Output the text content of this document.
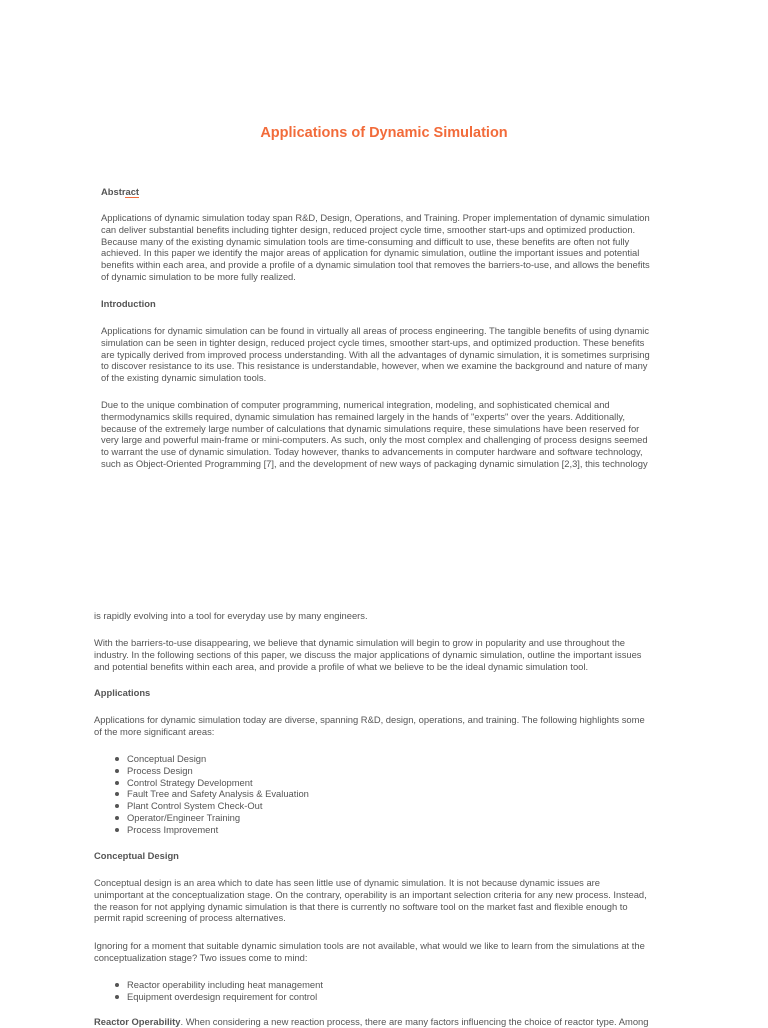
Applications of Dynamic Simulation
Abstract

Applications of dynamic simulation today span R&D, Design, Operations, and Training. Proper implementation of dynamic simulation
can deliver substantial benefits including tighter design, reduced project cycle time, smoother start-ups and optimized production.
Because many of the existing dynamic simulation tools are time-consuming and difficult to use, these benefits are often not fully
achieved. In this paper we identify the major areas of application for dynamic simulation, outline the important issues and potential
benefits within each area, and provide a profile of a dynamic simulation tool that removes the barriers-to-use, and allows the benefits
of dynamic simulation to be more fully realized.

Introduction

Applications for dynamic simulation can be found in virtually all areas of process engineering. The tangible benefits of using dynamic
simulation can be seen in tighter design, reduced project cycle times, smoother start-ups, and optimized production. These benefits
are typically derived from improved process understanding. With all the advantages of dynamic simulation, it is sometimes surprising
to discover resistance to its use. This resistance is understandable, however, when we examine the background and nature of many
of the existing dynamic simulation tools.

Due to the unique combination of computer programming, numerical integration, modeling, and sophisticated chemical and
thermodynamics skills required, dynamic simulation has remained largely in the hands of "experts" over the years. Additionally,
because of the extremely large number of calculations that dynamic simulations require, these simulations have been reserved for
very large and powerful main-frame or mini-computers. As such, only the most complex and challenging of process designs seemed
to warrant the use of dynamic simulation. Today however, thanks to advancements in computer hardware and software technology,
such as Object-Oriented Programming [7], and the development of new ways of packaging dynamic simulation [2,3], this technology

is rapidly evolving into a tool for everyday use by many engineers.

With the barriers-to-use disappearing, we believe that dynamic simulation will begin to grow in popularity and use throughout the
industry. In the following sections of this paper, we discuss the major applications of dynamic simulation, outline the important issues
and potential benefits within each area, and provide a profile of what we believe to be the ideal dynamic simulation tool.

Applications

Applications for dynamic simulation today are diverse, spanning R&D, design, operations, and training. The following highlights some
of the more significant areas:

Conceptual Design
Process Design
Control Strategy Development
Fault Tree and Safety Analysis & Evaluation
Plant Control System Check-Out
Operator/Engineer Training
Process Improvement
Conceptual Design

Conceptual design is an area which to date has seen little use of dynamic simulation. It is not because dynamic issues are
unimportant at the conceptualization stage. On the contrary, operability is an important selection criteria for any new process. Instead,
the reason for not applying dynamic simulation is that there is currently no software tool on the market fast and flexible enough to
permit rapid screening of process alternatives.

Ignoring for a moment that suitable dynamic simulation tools are not available, what would we like to learn from the simulations at the
conceptualization stage? Two issues come to mind:

Reactor operability including heat management
Equipment overdesign requirement for control
Reactor Operability. When considering a new reaction process, there are many factors influencing the choice of reactor type. Among
